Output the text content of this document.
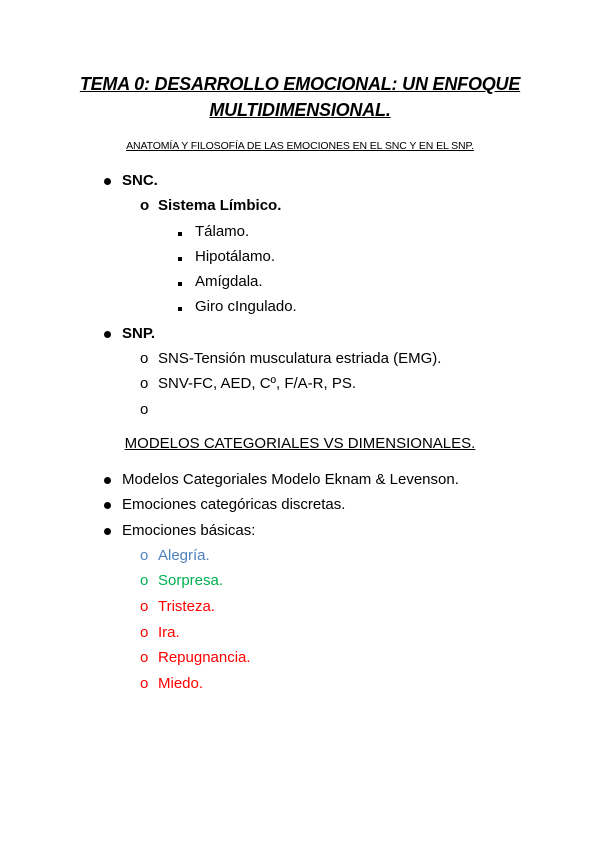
TEMA 0: DESARROLLO EMOCIONAL: UN ENFOQUE
MULTIDIMENSIONAL.
ANATOMÍA Y FILOSOFÍA DE LAS EMOCIONES EN EL SNC Y EN EL SNP.
SNC.
o Sistema Límbico.
Tálamo.
Hipotálamo.
Amígdala.
Giro cIngulado.
SNP.
o SNS-Tensión musculatura estriada (EMG).
o SNV-FC, AED, Cº, F/A-R, PS.
o
MODELOS CATEGORIALES VS DIMENSIONALES.
Modelos Categoriales Modelo Eknam & Levenson.
Emociones categóricas discretas.
Emociones básicas:
o Alegría.
o Sorpresa.
o Tristeza.
o Ira.
o Repugnancia.
o Miedo.
